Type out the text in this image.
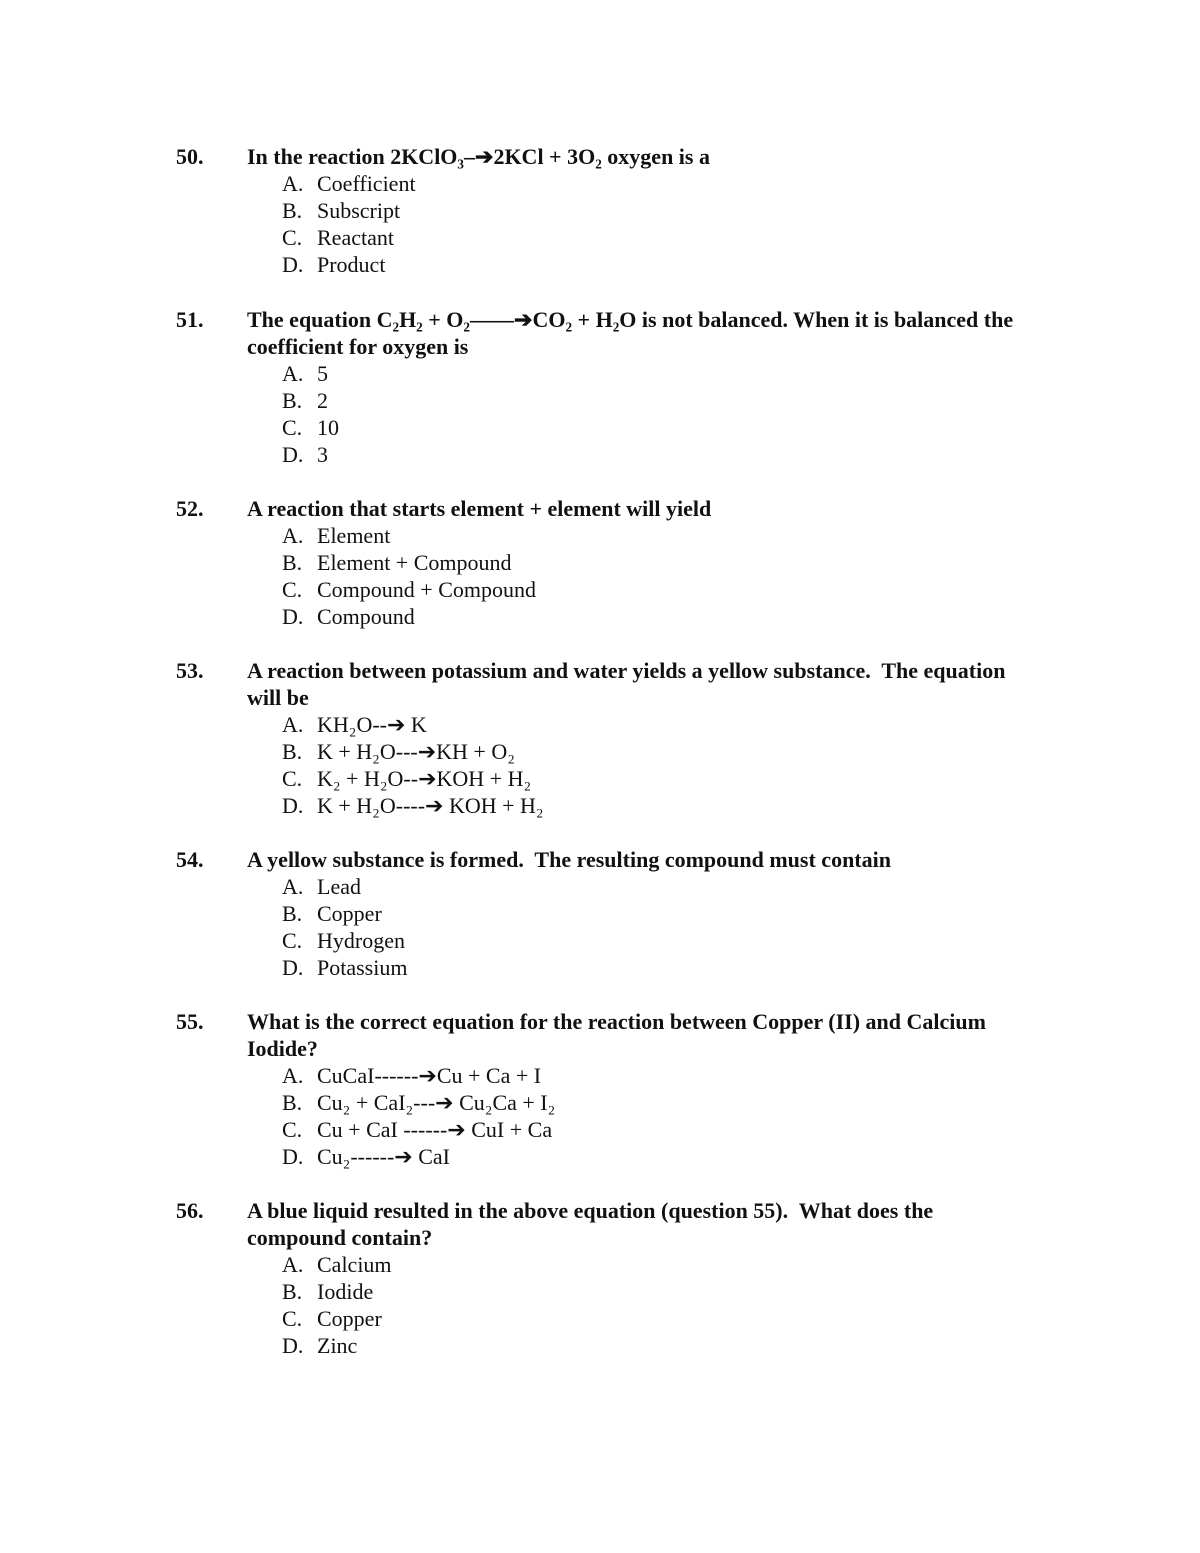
50. In the reaction 2KClO₃–➔2KCl + 3O₂ oxygen is a
A. Coefficient
B. Subscript
C. Reactant
D. Product
51. The equation C₂H₂ + O₂––––➔CO₂ + H₂O is not balanced. When it is balanced the coefficient for oxygen is
A. 5
B. 2
C. 10
D. 3
52. A reaction that starts element + element will yield
A. Element
B. Element + Compound
C. Compound + Compound
D. Compound
53. A reaction between potassium and water yields a yellow substance.  The equation will be
A. KH₂O--➔ K
B. K + H₂O---➔KH + O₂
C. K₂ + H₂O--➔KOH + H₂
D. K + H₂O----➔ KOH + H₂
54. A yellow substance is formed.  The resulting compound must contain
A. Lead
B. Copper
C. Hydrogen
D. Potassium
55. What is the correct equation for the reaction between Copper (II) and Calcium Iodide?
A. CuCaI------➔Cu + Ca + I
B. Cu₂ + CaI₂---➔ Cu₂Ca + I₂
C. Cu + CaI ------➔ CuI + Ca
D. Cu₂------➔ CaI
56. A blue liquid resulted in the above equation (question 55).  What does the compound contain?
A. Calcium
B. Iodide
C. Copper
D. Zinc
